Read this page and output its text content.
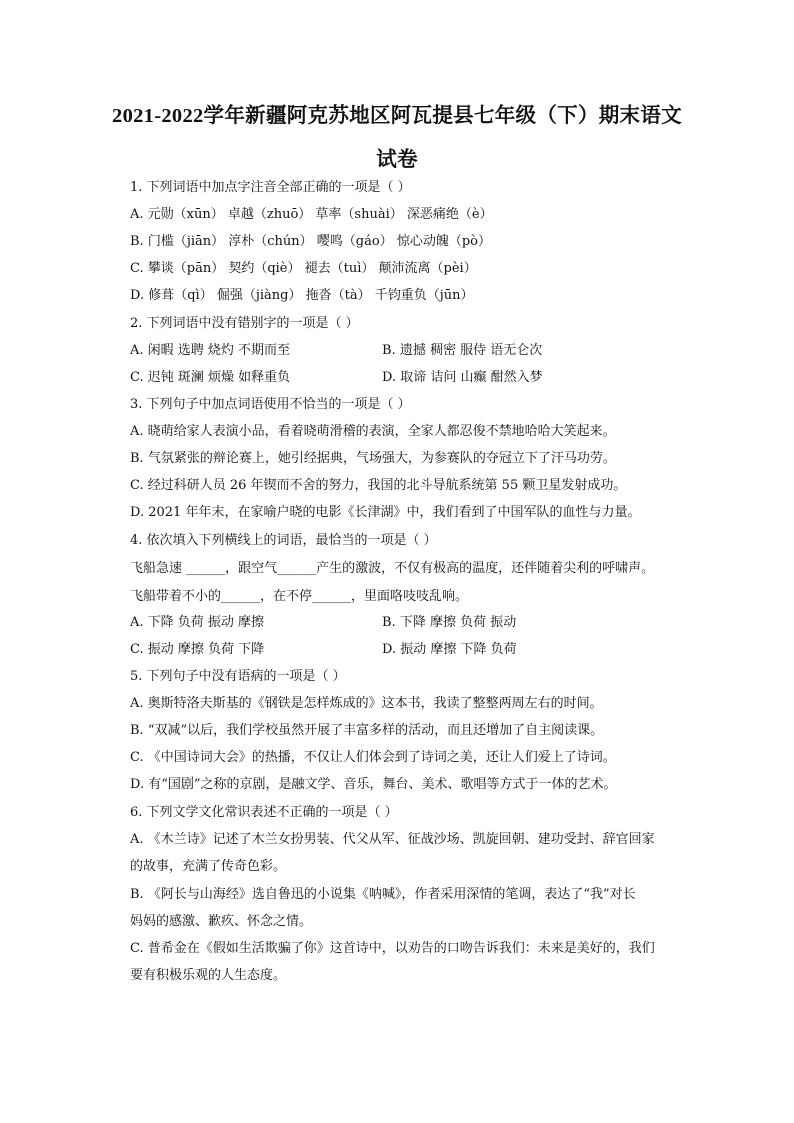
2021-2022学年新疆阿克苏地区阿瓦提县七年级（下）期末语文
试卷
1. 下列词语中加点字注音全部正确的一项是（ ）
A. 元勋（xūn） 卓越（zhuō） 草率（shuài） 深恶痛绝（è）
B. 门槛（jiān） 淳朴（chún） 嘤鸣（gáo） 惊心动魄（pò）
C. 攀谈（pān） 契约（qiè） 褪去（tuì） 颠沛流离（pèi）
D. 修葺（qì） 倔强（jiàng） 拖沓（tà） 千钧重负（jūn）
2. 下列词语中没有错别字的一项是（ ）
A. 闲暇 选聘 烧灼 不期而至	B. 遗撼 稠密 服侍 语无仑次
C. 迟钝 斑澜 烦燥 如释重负	D. 取谛 诘问 山癫 酣然入梦
3. 下列句子中加点词语使用不恰当的一项是（ ）
A. 晓萌给家人表演小品，看着晓萌滑稽的表演，全家人都忍俊不禁地哈哈大笑起来。
B. 气氛紧张的辩论赛上，她引经据典，气场强大，为参赛队的夺冠立下了汗马功劳。
C. 经过科研人员 26 年锲而不舍的努力，我国的北斗导航系统第 55 颗卫星发射成功。
D. 2021 年年末，在家喻户晓的电影《长津湖》中，我们看到了中国军队的血性与力量。
4. 依次填入下列横线上的词语，最恰当的一项是（ ）
飞船急速 ______，跟空气______产生的激波，不仅有极高的温度，还伴随着尖利的呼啸声。
飞船带着不小的______，在不停______，里面咯吱吱乱响。
A. 下降 负荷 振动 摩擦	B. 下降 摩擦 负荷 振动
C. 振动 摩擦 负荷 下降	D. 振动 摩擦 下降 负荷
5. 下列句子中没有语病的一项是（ ）
A. 奥斯特洛夫斯基的《钢铁是怎样炼成的》这本书，我读了整整两周左右的时间。
B. “双减”以后，我们学校虽然开展了丰富多样的活动，而且还增加了自主阅读课。
C. 《中国诗词大会》的热播，不仅让人们体会到了诗词之美，还让人们爱上了诗词。
D. 有“国剧”之称的京剧，是融文学、音乐，舞台、美术、歌唱等方式于一体的艺术。
6. 下列文学文化常识表述不正确的一项是（ ）
A. 《木兰诗》记述了木兰女扮男装、代父从军、征战沙场、凯旋回朝、建功受封、辞官回家
的故事，充满了传奇色彩。
B. 《阿长与山海经》选自鲁迅的小说集《呐喊》，作者采用深情的笔调，表达了“我”对长
妈妈的感激、歉疚、怀念之情。
C. 普希金在《假如生活欺骗了你》这首诗中，以劝告的口吻告诉我们：未来是美好的，我们
要有积极乐观的人生态度。
